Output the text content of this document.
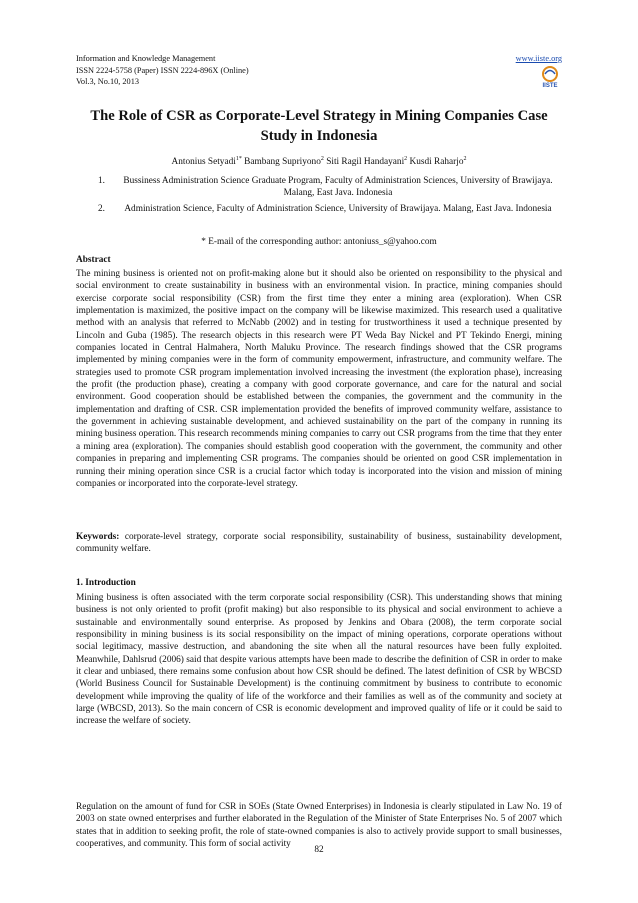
Information and Knowledge Management	www.iiste.org
ISSN 2224-5758 (Paper) ISSN 2224-896X (Online)
Vol.3, No.10, 2013	IISTE
The Role of CSR as Corporate-Level Strategy in Mining Companies Case Study in Indonesia
Antonius Setyadi$^{1*}$ Bambang Supriyono$^2$ Siti Ragil Handayani$^2$ Kusdi Raharjo$^2$
1.	Bussiness Administration Science Graduate Program, Faculty of Administration Sciences, University of Brawijaya. Malang, East Java. Indonesia
2.	Administration Science, Faculty of Administration Science, University of Brawijaya. Malang, East Java. Indonesia
* E-mail of the corresponding author: antoniuss_s@yahoo.com
Abstract
The mining business is oriented not on profit-making alone but it should also be oriented on responsibility to the physical and social environment to create sustainability in business with an environmental vision. In practice, mining companies should exercise corporate social responsibility (CSR) from the first time they enter a mining area (exploration). When CSR implementation is maximized, the positive impact on the company will be likewise maximized. This research used a qualitative method with an analysis that referred to McNabb (2002) and in testing for trustworthiness it used a technique presented by Lincoln and Guba (1985). The research objects in this research were PT Weda Bay Nickel and PT Tekindo Energi, mining companies located in Central Halmahera, North Maluku Province. The research findings showed that the CSR programs implemented by mining companies were in the form of community empowerment, infrastructure, and community welfare. The strategies used to promote CSR program implementation involved increasing the investment (the exploration phase), increasing the profit (the production phase), creating a company with good corporate governance, and care for the natural and social environment. Good cooperation should be established between the companies, the government and the community in the implementation and drafting of CSR. CSR implementation provided the benefits of improved community welfare, assistance to the government in achieving sustainable development, and achieved sustainability on the part of the company in running its mining business operation. This research recommends mining companies to carry out CSR programs from the time that they enter a mining area (exploration). The companies should establish good cooperation with the government, the community and other companies in preparing and implementing CSR programs. The companies should be oriented on good CSR implementation in running their mining operation since CSR is a crucial factor which today is incorporated into the vision and mission of mining companies or incorporated into the corporate-level strategy.
Keywords: corporate-level strategy, corporate social responsibility, sustainability of business, sustainability development, community welfare.
1. Introduction
Mining business is often associated with the term corporate social responsibility (CSR). This understanding shows that mining business is not only oriented to profit (profit making) but also responsible to its physical and social environment to achieve a sustainable and environmentally sound enterprise. As proposed by Jenkins and Obara (2008), the term corporate social responsibility in mining business is its social responsibility on the impact of mining operations, corporate operations without social legitimacy, massive destruction, and abandoning the site when all the natural resources have been fully exploited. Meanwhile, Dahlsrud (2006) said that despite various attempts have been made to describe the definition of CSR in order to make it clear and unbiased, there remains some confusion about how CSR should be defined. The latest definition of CSR by WBCSD (World Business Council for Sustainable Development) is the continuing commitment by business to contribute to economic development while improving the quality of life of the workforce and their families as well as of the community and society at large (WBCSD, 2013). So the main concern of CSR is economic development and improved quality of life or it could be said to increase the welfare of society.
Regulation on the amount of fund for CSR in SOEs (State Owned Enterprises) in Indonesia is clearly stipulated in Law No. 19 of 2003 on state owned enterprises and further elaborated in the Regulation of the Minister of State Enterprises No. 5 of 2007 which states that in addition to seeking profit, the role of state-owned companies is also to actively provide support to small businesses, cooperatives, and community. This form of social activity
82
